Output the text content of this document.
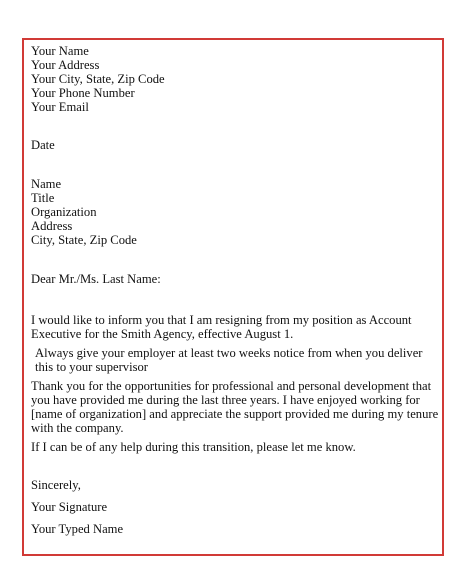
Your Name
Your Address
Your City, State, Zip Code
Your Phone Number
Your Email
Date
Name
Title
Organization
Address
City, State, Zip Code
Dear Mr./Ms. Last Name:
I would like to inform you that I am resigning from my position as Account Executive for the Smith Agency, effective August 1.
Always give your employer at least two weeks notice from when you deliver this to your supervisor
Thank you for the opportunities for professional and personal development that you have provided me during the last three years. I have enjoyed working for [name of organization] and appreciate the support provided me during my tenure with the company.
If I can be of any help during this transition, please let me know.
Sincerely,
Your Signature
Your Typed Name
